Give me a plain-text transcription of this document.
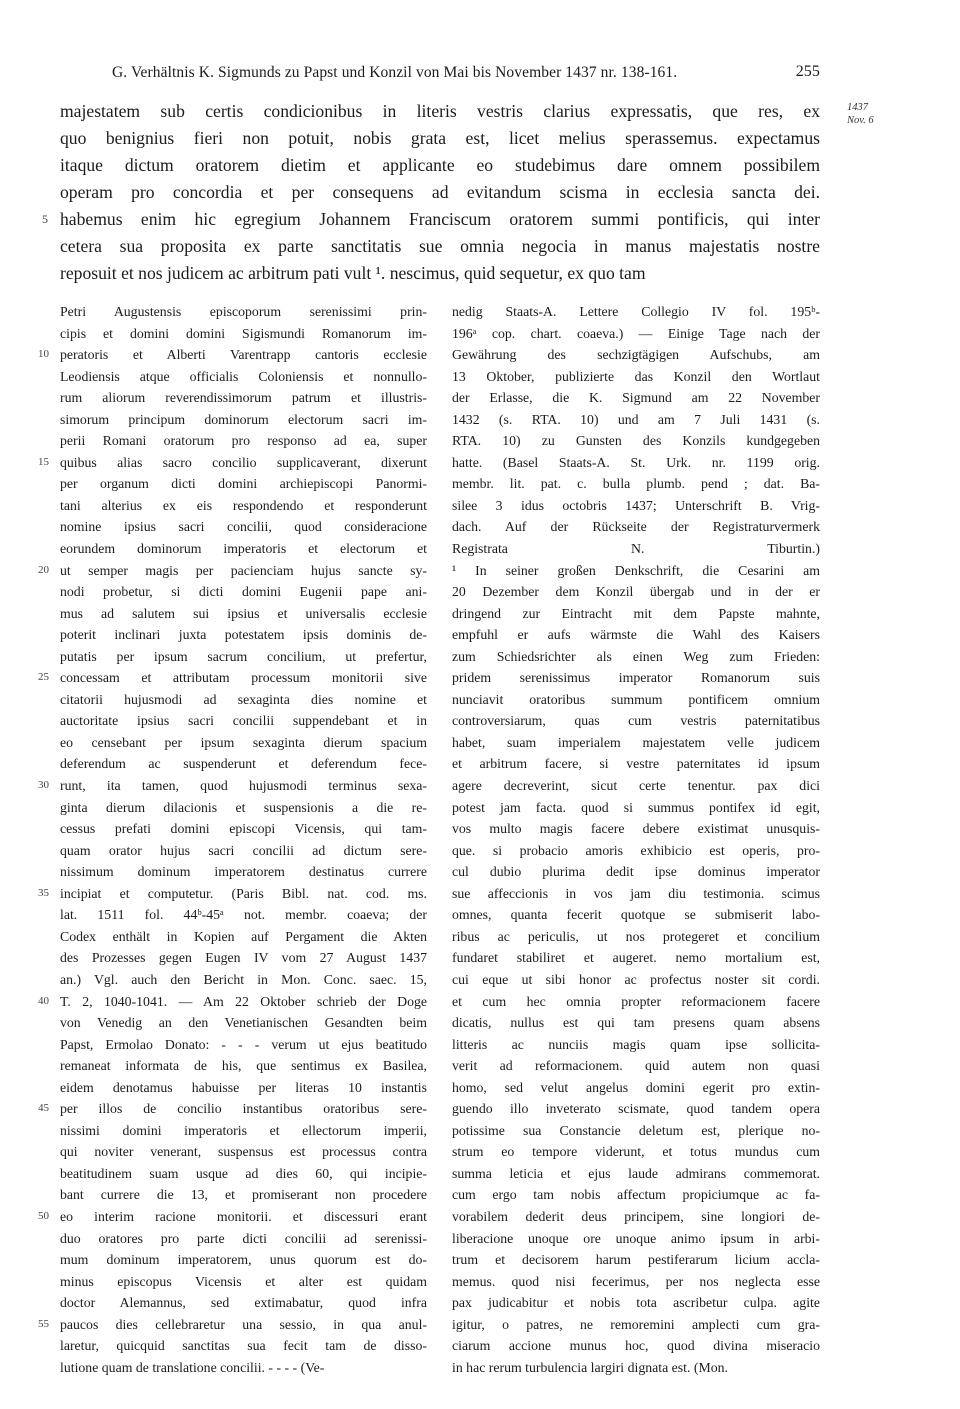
G. Verhältnis K. Sigmunds zu Papst und Konzil von Mai bis November 1437 nr. 138-161.	255
1437
Nov. 6
majestatem sub certis condicionibus in literis vestris clarius expressatis, que res, ex
quo benignius fieri non potuit, nobis grata est, licet melius sperassemus. expectamus
itaque dictum oratorem dietim et applicante eo studebimus dare omnem possibilem
operam pro concordia et per consequens ad evitandum scisma in ecclesia sancta dei.
habemus enim hic egregium Johannem Franciscum oratorem summi pontificis, qui inter
5
cetera sua proposita ex parte sanctitatis sue omnia negocia in manus majestatis nostre
reposuit et nos judicem ac arbitrum pati vult ¹. nescimus, quid sequetur, ex quo tam
Petri Augustensis episcoporum serenissimi prin-
cipis et domini domini Sigismundi Romanorum im-
peratoris et Alberti Varentrapp cantoris ecclesie
10
Leodiensis atque officialis Coloniensis et nonnullo-
rum aliorum reverendissimorum patrum et illustris-
simorum principum dominorum electorum sacri im-
perii Romani oratorum pro responso ad ea, super
quibus alias sacro concilio supplicaverant, dixerunt
15
per organum dicti domini archiepiscopi Panormi-
tani alterius ex eis respondendo et responderunt
nomine ipsius sacri concilii, quod consideracione
eorundem dominorum imperatoris et electorum et
ut semper magis per pacienciam hujus sancte sy-
20
nodi probetur, si dicti domini Eugenii pape ani-
mus ad salutem sui ipsius et universalis ecclesie
poterit inclinari juxta potestatem ipsis dominis de-
putatis per ipsum sacrum concilium, ut prefertur,
concessam et attributam processum monitorii sive
25
citatorii hujusmodi ad sexaginta dies nomine et
auctoritate ipsius sacri concilii suppendebant et in
eo censebant per ipsum sexaginta dierum spacium
deferendum ac suspenderunt et deferendum fece-
runt, ita tamen, quod hujusmodi terminus sexa-
30
ginta dierum dilacionis et suspensionis a die re-
cessus prefati domini episcopi Vicensis, qui tam-
quam orator hujus sacri concilii ad dictum sere-
nissimum dominum imperatorem destinatus currere
incipiat et computetur. (Paris Bibl. nat. cod. ms.
35
lat. 1511 fol. 44ᵇ-45ᵃ not. membr. coaeva; der
Codex enthält in Kopien auf Pergament die Akten
des Prozesses gegen Eugen IV vom 27 August 1437
an.) Vgl. auch den Bericht in Mon. Conc. saec. 15,
T. 2, 1040-1041. — Am 22 Oktober schrieb der Doge
40
von Venedig an den Venetianischen Gesandten beim
Papst, Ermolao Donato: - - - verum ut ejus beatitudo
remaneat informata de his, que sentimus ex Basilea,
eidem denotamus habuisse per literas 10 instantis
per illos de concilio instantibus oratoribus sere-
45
nissimi domini imperatoris et ellectorum imperii,
qui noviter venerant, suspensus est processus contra
beatitudinem suam usque ad dies 60, qui incipie-
bant currere die 13, et promiserant non procedere
eo interim racione monitorii. et discessuri erant
50
duo oratores pro parte dicti concilii ad serenissi-
mum dominum imperatorem, unus quorum est do-
minus episcopus Vicensis et alter est quidam
doctor Alemannus, sed extimabatur, quod infra
paucos dies cellebraretur una sessio, in qua anul-
55
laretur, quicquid sanctitas sua fecit tam de disso-
lutione quam de translatione concilii. - - - - (Ve-
nedig Staats-A. Lettere Collegio IV fol. 195ᵇ-
196ᵃ cop. chart. coaeva.) — Einige Tage nach der
Gewährung des sechzigtägigen Aufschubs, am
13 Oktober, publizierte das Konzil den Wortlaut
der Erlasse, die K. Sigmund am 22 November
1432 (s. RTA. 10) und am 7 Juli 1431 (s.
RTA. 10) zu Gunsten des Konzils kundgegeben
hatte. (Basel Staats-A. St. Urk. nr. 1199 orig.
membr. lit. pat. c. bulla plumb. pend ; dat. Ba-
silee 3 idus octobris 1437; Unterschrift B. Vrig-
dach. Auf der Rückseite der Registraturvermerk
Registrata N. Tiburtin.)
¹ In seiner großen Denkschrift, die Cesarini am
20 Dezember dem Konzil übergab und in der er
dringend zur Eintracht mit dem Papste mahnte,
empfuhl er aufs wärmste die Wahl des Kaisers
zum Schiedsrichter als einen Weg zum Frieden:
pridem serenissimus imperator Romanorum suis
nunciavit oratoribus summum pontificem omnium
controversiarum, quas cum vestris paternitatibus
habet, suam imperialem majestatem velle judicem
et arbitrum facere, si vestre paternitates id ipsum
agere decreverint, sicut certe tenentur. pax dici
potest jam facta. quod si summus pontifex id egit,
vos multo magis facere debere existimat unusquis-
que. si probacio amoris exhibicio est operis, pro-
cul dubio plurima dedit ipse dominus imperator
sue affeccionis in vos jam diu testimonia. scimus
omnes, quanta fecerit quotque se submiserit labo-
ribus ac periculis, ut nos protegeret et concilium
fundaret stabiliret et augeret. nemo mortalium est,
cui eque ut sibi honor ac profectus noster sit cordi.
et cum hec omnia propter reformacionem facere
dicatis, nullus est qui tam presens quam absens
litteris ac nunciis magis quam ipse sollicita-
verit ad reformacionem. quid autem non quasi
homo, sed velut angelus domini egerit pro extin-
guendo illo inveterato scismate, quod tandem opera
potissime sua Constancie deletum est, plerique no-
strum eo tempore viderunt, et totus mundus cum
summa leticia et ejus laude admirans commemorat.
cum ergo tam nobis affectum propiciumque ac fa-
vorabilem dederit deus principem, sine longiori de-
liberacione unoque ore unoque animo ipsum in arbi-
trum et decisorem harum pestiferarum licium accla-
memus. quod nisi fecerimus, per nos neglecta esse
pax judicabitur et nobis tota ascribetur culpa. agite
igitur, o patres, ne remoremini amplecti cum gra-
ciarum accione munus hoc, quod divina miseracio
in hac rerum turbulencia largiri dignata est. (Mon.
